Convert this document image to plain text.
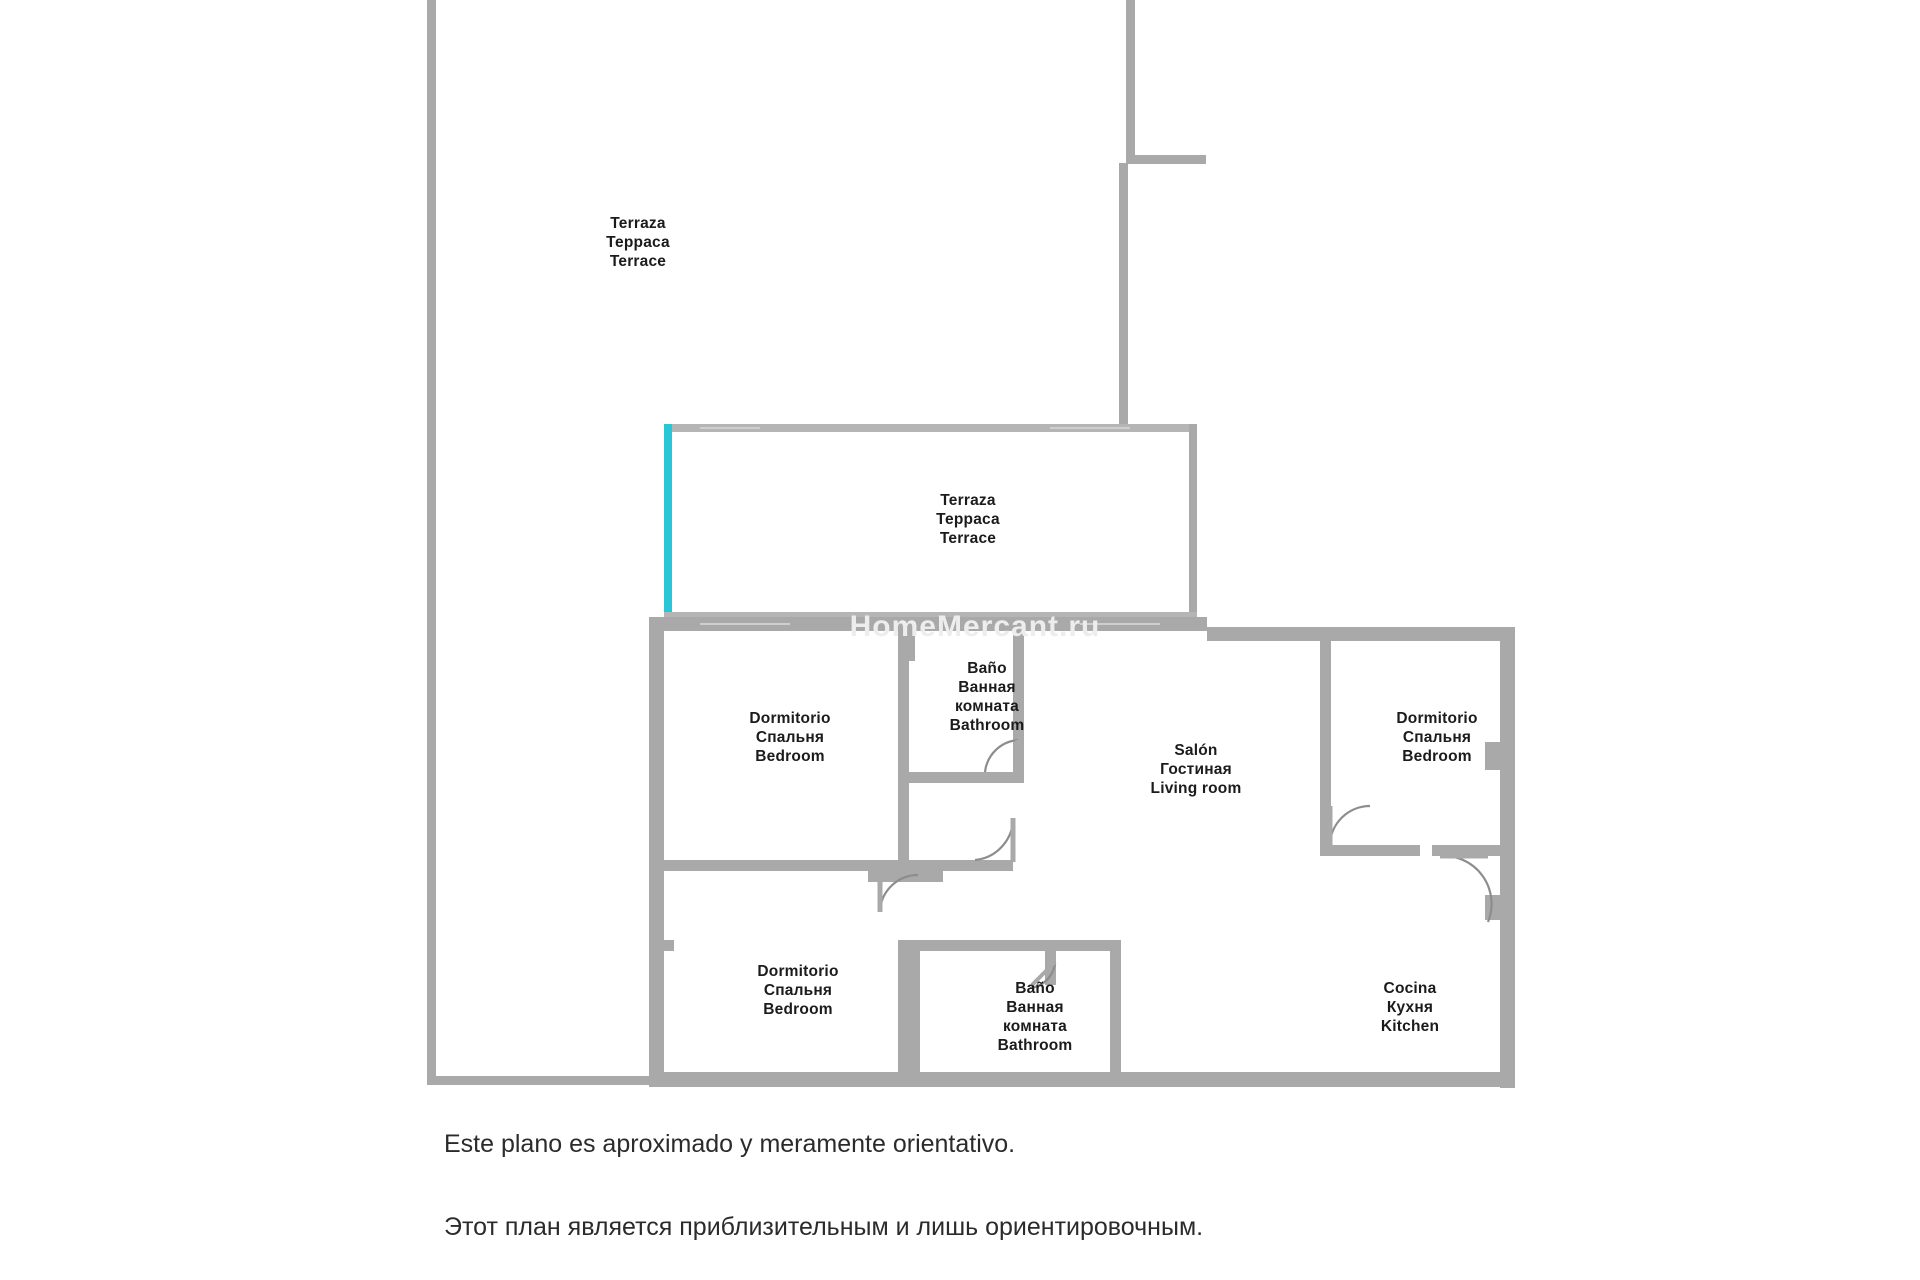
HomeMercant.ru
Terraza
Терраса
Terrace
Terraza
Терраса
Terrace
Dormitorio
Спальня
Bedroom
Baño
Ванная
комната
Bathroom
Salón
Гостиная
Living room
Dormitorio
Спальня
Bedroom
Dormitorio
Спальня
Bedroom
Baño
Ванная
комната
Bathroom
Cocina
Кухня
Kitchen
Este plano es aproximado y meramente orientativo.
Этот план является приблизительным и лишь ориентировочным.
